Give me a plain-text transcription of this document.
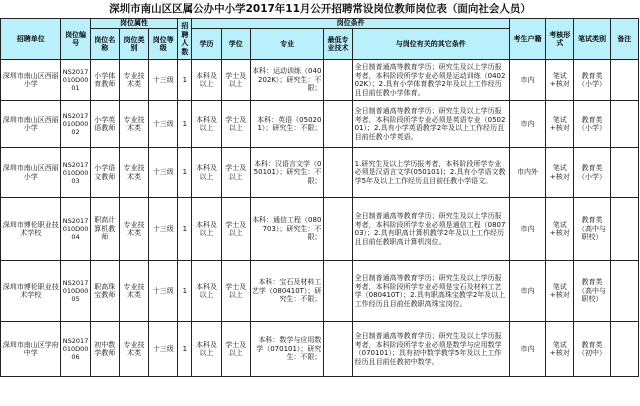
深圳市南山区区属公办中小学2017年11月公开招聘常设岗位教师岗位表（面向社会人员）
招聘单位	岗位编号	岗位属性			招聘人数	岗位条件					考生户籍	考核形式	笔试类别	备注
		岗位名称	岗位类别	岗位等级		学历	学位	专业	最低专业技术	与岗位有关的其它条件				
深圳市南山区西丽小学	NS2017010D0001	小学体育教师	专业技术类	十三级	1	本科及以上	学士及以上	本科：运动训练（040202K）；研究生：不限；		全日制普通高等教育学历；研究生及以上学历报考者，本科阶段所学专业必须是运动训练（040202K）；2.具有小学体育教学2年及以上工作经历且目前任教小学体育。	市内	笔试+核对	教育类（小学）	
深圳市南山区西丽小学	NS2017010D0002	小学英语教师	专业技术类	十三级	1	本科及以上	学士及以上	本科：英语（050201）；研究生：不限；		全日制普通高等教育学历；研究生及以上学历报考者，本科阶段所学专业必须是英语专业（050201）；2.具有小学英语教学2年及以上工作经历且目前任教小学英语。	市内	笔试+核对	教育类（小学）	
深圳市南山区西丽小学	NS2017010D0003	小学语文教师	专业技术类	十三级	1	本科及以上	学士及以上	本科：汉语言文学（050101）；研究生：不限；		1.研究生及以上学历报考者，本科阶段所学专业必须是汉语言文学(050101)；2.具有小学语文教学5年及以上工作经历且目前任教小学语文。	市内外	笔试+核对	教育类（小学）	
深圳市博伦职业技术学校	NS2017010D0004	职高计算机教师	专业技术类	十三级	1	本科及以上	学士及以上	本科：通信工程（080703）；研究生：不限；		全日制普通高等教育学历；研究生及以上学历报考者，本科阶段所学专业必须是通信工程（080703）；2.具有职高计算机教学2年及以上工作经历且目前任教职高计算机岗位。	市内	笔试+核对	教育类（高中与职校）	
深圳市博伦职业技术学校	NS2017010D0005	职高珠宝教师	专业技术类	十三级	1	本科及以上	学士及以上	本科：宝石及材料工艺学（080410T）；研究生：不限；		全日制普通高等教育学历；研究生及以上学历报考者，本科阶段所学专业必须是宝石及材料工艺学（080410T）；2.具有职高珠宝教学2年及以上工作经历且目前任教职高珠宝岗位。	市内	笔试+核对	教育类（高中与职校）	
深圳市南山区学府中学	NS2017010D0006	初中数学教师	专业技术类	十三级	1	本科及以上	学士及以上	本科：数学与应用数学（070101）；研究生：不限；		全日制普通高等教育学历；研究生及以上学历报考者，本科阶段所学专业必须是数学与应用数学（070101）；具有初中数学教学5年及以上工作经历且目前任教初中数学。	市内	笔试+核对	教育类（初中）	
